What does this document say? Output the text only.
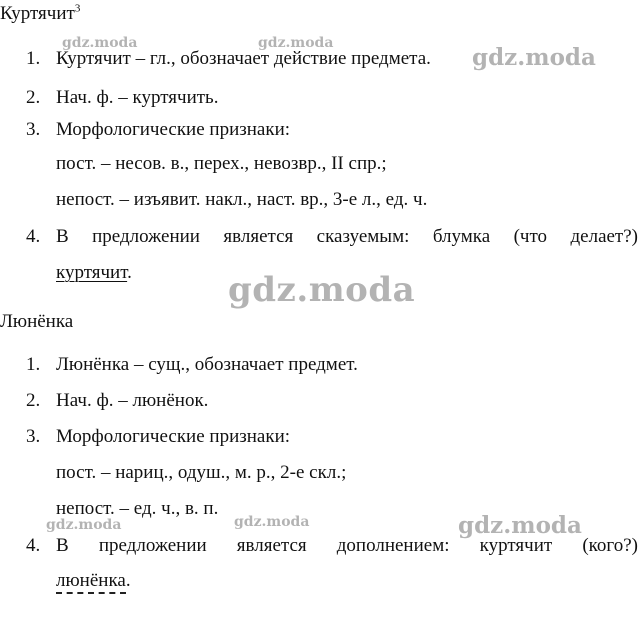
Куртячит$^3$
1. Куртячит – гл., обозначает действие предмета.
2. Нач. ф. – куртячить.
3. Морфологические признаки:
пост. – несов. в., перех., невозвр., II спр.;
непост. – изъявит. накл., наст. вр., 3-е л., ед. ч.
4. В предложении является сказуемым: блумка (что делает?)
куртячит.
Люнёнка
1. Люнёнка – сущ., обозначает предмет.
2. Нач. ф. – люнёнок.
3. Морфологические признаки:
пост. – нариц., одуш., м. р., 2-е скл.;
непост. – ед. ч., в. п.
4. В предложении является дополнением: куртячит (кого?)
люнёнка.
gdz.moda	gdz.moda
gdz.moda
gdz.moda
gdz.moda	gdz.moda	gdz.moda
